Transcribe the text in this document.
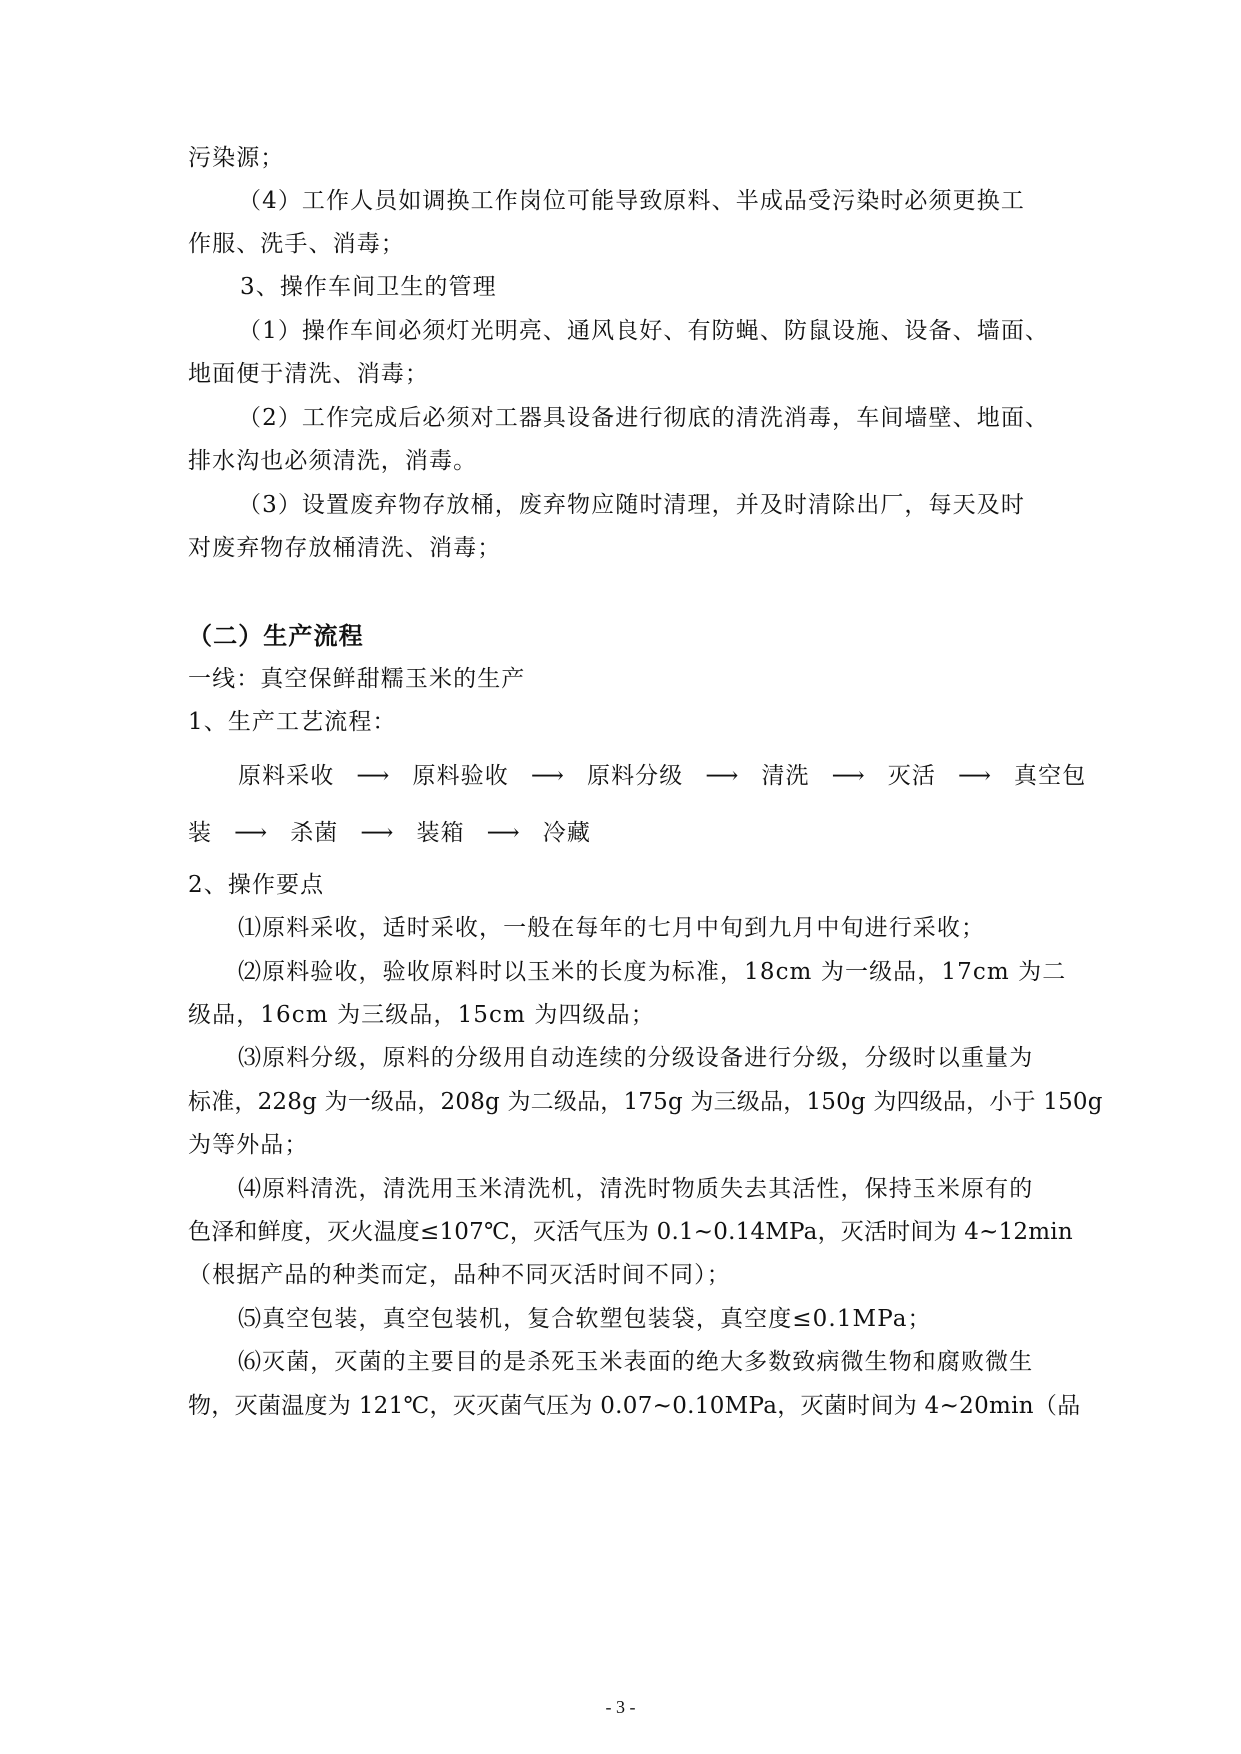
污染源；
（4）工作人员如调换工作岗位可能导致原料、半成品受污染时必须更换工
作服、洗手、消毒；
3、操作车间卫生的管理
（1）操作车间必须灯光明亮、通风良好、有防蝇、防鼠设施、设备、墙面、
地面便于清洗、消毒；
（2）工作完成后必须对工器具设备进行彻底的清洗消毒，车间墙壁、地面、
排水沟也必须清洗，消毒。
（3）设置废弃物存放桶，废弃物应随时清理，并及时清除出厂，每天及时
对废弃物存放桶清洗、消毒；
（二）生产流程
一线：真空保鲜甜糯玉米的生产
1、生产工艺流程：
原料采收 ⟶ 原料验收 ⟶ 原料分级 ⟶ 清洗 ⟶ 灭活 ⟶ 真空包
装 ⟶ 杀菌 ⟶ 装箱 ⟶ 冷藏
2、操作要点
⑴原料采收，适时采收，一般在每年的七月中旬到九月中旬进行采收；
⑵原料验收，验收原料时以玉米的长度为标准，18cm 为一级品，17cm 为二
级品，16cm 为三级品，15cm 为四级品；
⑶原料分级，原料的分级用自动连续的分级设备进行分级，分级时以重量为
标准，228g 为一级品，208g 为二级品，175g 为三级品，150g 为四级品，小于 150g
为等外品；
⑷原料清洗，清洗用玉米清洗机，清洗时物质失去其活性，保持玉米原有的
色泽和鲜度，灭火温度≤107℃，灭活气压为 0.1~0.14MPa，灭活时间为 4~12min
（根据产品的种类而定，品种不同灭活时间不同）；
⑸真空包装，真空包装机，复合软塑包装袋，真空度≤0.1MPa；
⑹灭菌，灭菌的主要目的是杀死玉米表面的绝大多数致病微生物和腐败微生
物，灭菌温度为 121℃，灭灭菌气压为 0.07~0.10MPa，灭菌时间为 4~20min（品
- 3 -
